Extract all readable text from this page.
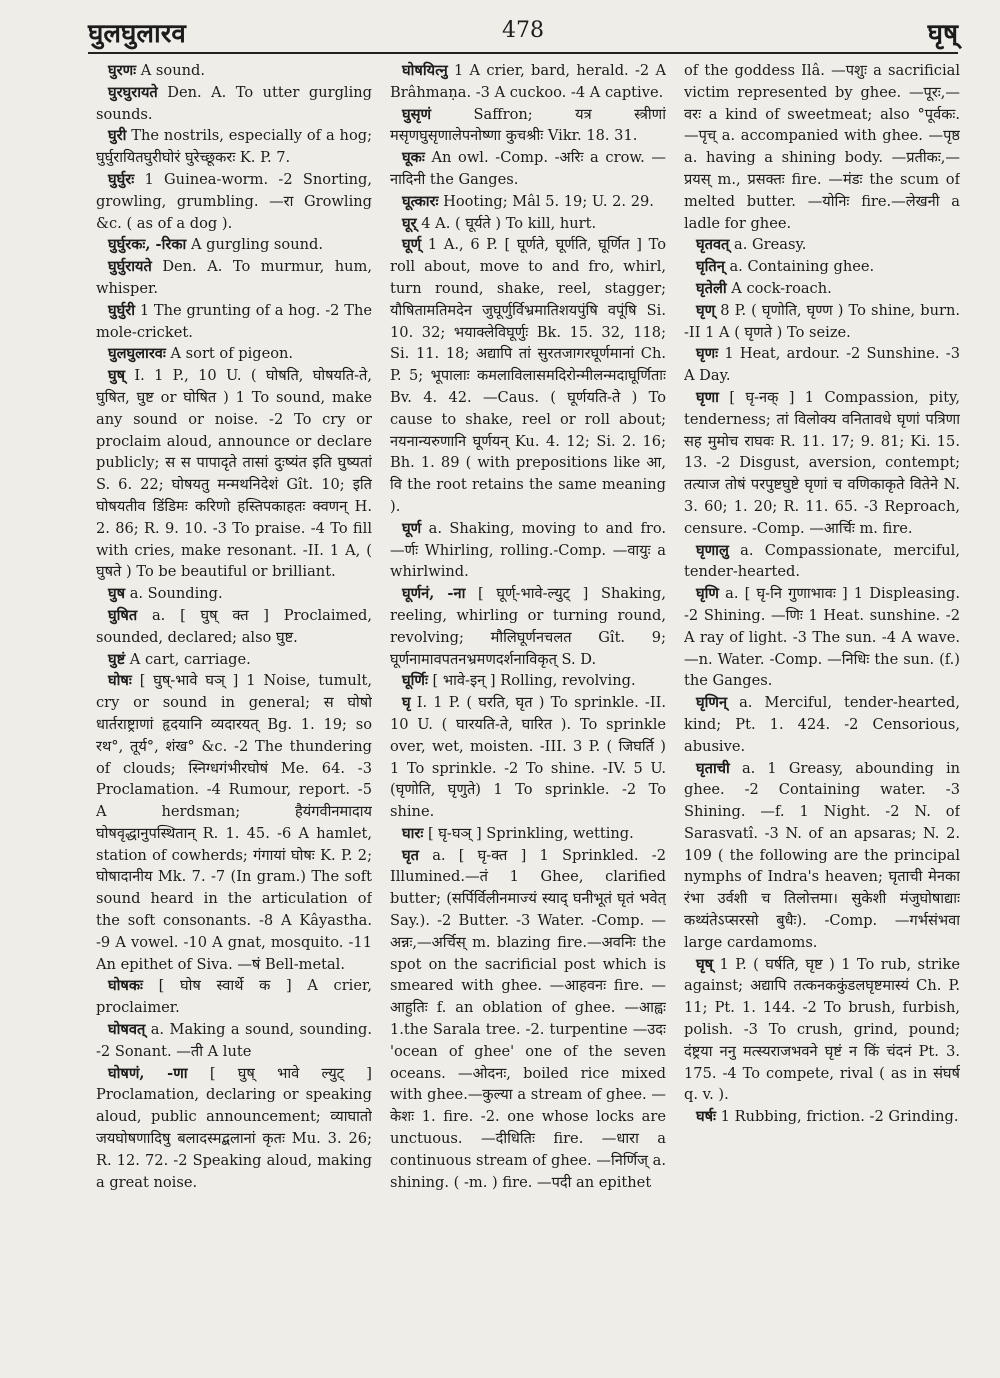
घुलघुलारव	478	घृष्

घुरणः A sound.

घुरघुरायते Den. A. To utter gurgling sounds.

घुरी The nostrils, especially of a hog; घुर्घुरायितघुरीघोरं घुरेच्छूकरः K. P. 7.

घुर्घुरः 1 Guinea-worm. -2 Snorting, growling, grumbling. —रा Growling &c. ( as of a dog ).

घुर्घुरकः, -रिका A gurgling sound.

घुर्घुरायते Den. A. To murmur, hum, whisper.

घुर्घुरी 1 The grunting of a hog. -2 The mole-cricket.

घुलघुलारवः A sort of pigeon.

घुष् I. 1 P., 10 U. ( घोषति, घोषयति-ते, घुषित, घुष्ट or घोषित ) 1 To sound, make any sound or noise. -2 To cry or proclaim aloud, announce or declare publicly; स स पापादृते तासां दुःष्यंत इति घुष्यतां S. 6. 22; घोषयतु मन्मथनिदेशं Gît. 10; इति घोषयतीव डिंडिमः करिणो हस्तिपकाहतः क्वणन् H. 2. 86; R. 9. 10. -3 To praise. -4 To fill with cries, make resonant. -II. 1 A, ( घुषते ) To be beautiful or brilliant.

घुष a. Sounding.

घुषित a. [ घुष् क्त ] Proclaimed, sounded, declared; also घुष्ट.

घुष्टं A cart, carriage.

घोषः [ घुष्-भावे घञ् ] 1 Noise, tumult, cry or sound in general; स घोषो धार्तराष्ट्राणां हृदयानि व्यदारयत् Bg. 1. 19; so रथ°, तूर्य°, शंख° &c. -2 The thundering of clouds; स्निग्धगंभीरघोषं Me. 64. -3 Proclamation. -4 Rumour, report. -5 A herdsman; हैयंगवीनमादाय घोषवृद्धानुपस्थितान् R. 1. 45. -6 A hamlet, station of cowherds; गंगायां घोषः K. P. 2; घोषादानीय Mk. 7. -7 (In gram.) The soft sound heard in the articulation of the soft consonants. -8 A Kâyastha. -9 A vowel. -10 A gnat, mosquito. -11 An epithet of Siva. —षं Bell-metal.

घोषकः [ घोष स्वार्थे क ] A crier, proclaimer.

घोषवत् a. Making a sound, sounding. -2 Sonant. —ती A lute

घोषणं, -णा [ घुष् भावे ल्युट् ] Proclamation, declaring or speaking aloud, public announcement; व्याघातो जयघोषणादिषु बलादस्मद्बलानां कृतः Mu. 3. 26; R. 12. 72. -2 Speaking aloud, making a great noise.

घोषयित्नु 1 A crier, bard, herald. -2 A Brâhmaṇa. -3 A cuckoo. -4 A captive.

घुसृणं	Saffron; यत्र स्त्रीणां मसृणघुसृणालेपनोष्णा कुचश्रीः Vikr. 18. 31.

घूकः An owl. -Comp. -अरिः a crow. —नादिनी the Ganges.

घूत्कारः Hooting; Mâl 5. 19; U. 2. 29.

घूर् 4 A. ( घूर्यते ) To kill, hurt.

घूर्ण् 1 A., 6 P. [ घूर्णते, घूर्णति, घूर्णित ] To roll about, move to and fro, whirl, turn round, shake, reel, stagger; यौषितामतिमदेन जुघूर्णुर्विभ्रमातिशयपुंषि वपूंषि Si. 10. 32; भयाक्लेविघूर्णुः Bk. 15. 32, 118; Si. 11. 18; अद्यापि तां सुरतजागरघूर्णमानां Ch. P. 5; भूपालाः कमलाविलासमदिरोन्मीलन्मदाघूर्णिताः Bv. 4. 42. —Caus. ( घूर्णयति-ते ) To cause to shake, reel or roll about; नयनान्यरुणानि घूर्णयन् Ku. 4. 12; Si. 2. 16; Bh. 1. 89 ( with prepositions like आ, वि the root retains the same meaning ).

घूर्ण a. Shaking, moving to and fro. —र्णः Whirling, rolling.-Comp. —वायुः a whirlwind.

घूर्णनं, -ना [ घूर्ण्-भावे-ल्युट् ] Shaking, reeling, whirling or turning round, revolving; मौलिघूर्णनचलत Gît. 9; घूर्णनामावपतनभ्रमणदर्शनाविकृत् S. D.

घूर्णिः [ भावे-इन् ] Rolling, revolving.

घृ I. 1 P. ( घरति, घृत ) To sprinkle. -II. 10 U. ( घारयति-ते, घारित ). To sprinkle over, wet, moisten. -III. 3 P. ( जिघर्ति ) 1 To sprinkle. -2 To shine. -IV. 5 U. (घृणोति, घृणुते) 1 To sprinkle. -2 To shine.

घारः [ घृ-घञ् ] Sprinkling, wetting.

घृत a. [ घृ-क्त ] 1 Sprinkled. -2 Illumined.—तं 1 Ghee, clarified butter; (सर्पिर्विलीनमाज्यं स्याद् घनीभूतं घृतं भवेत् Say.). -2 Butter. -3 Water. -Comp. —अन्नः,—अर्चिस् m. blazing fire.—अवनिः the spot on the sacrificial post which is smeared with ghee. —आहवनः fire. —आहुतिः f. an oblation of ghee. —आह्वः 1.the Sarala tree. -2. turpentine —उदः 'ocean of ghee' one of the seven oceans. —ओदनः, boiled rice mixed with ghee.—कुल्या a stream of ghee. —केशः 1. fire. -2. one whose locks are unctuous. —दीधितिः fire. —धारा a continuous stream of ghee. —निर्णिज् a. shining. ( -m. ) fire. —पदी an epithet

of the goddess Ilâ. —पशुः a sacrificial victim represented by ghee. —पूरः,—वरः a kind of sweetmeat; also °पूर्वकः. —पृच् a. accompanied with ghee. —पृष्ठ a. having a shining body. —प्रतीकः,—प्रयस् m., प्रसक्तः fire. —मंडः the scum of melted butter. —योनिः fire.—लेखनी a ladle for ghee.

घृतवत् a. Greasy.

घृतिन् a. Containing ghee.

घृतेली A cock-roach.

घृण् 8 P. ( घृणोति, घृण्ण ) To shine, burn. -II 1 A ( घृणते ) To seize.

घृणः 1 Heat, ardour. -2 Sunshine. -3 A Day.

घृणा [ घृ-नक् ] 1 Compassion, pity, tenderness; तां विलोक्य वनितावधे घृणां पत्रिणा सह मुमोच राघवः R. 11. 17; 9. 81; Ki. 15. 13. -2 Disgust, aversion, contempt; तत्याज तोषं परपुष्टघुष्टे घृणां च वणिकाकृते वितेने N. 3. 60; 1. 20; R. 11. 65. -3 Reproach, censure. -Comp. —आर्चिः m. fire.

घृणालु a. Compassionate, merciful, tender-hearted.

घृणि a. [ घृ-नि गुणाभावः ] 1 Displeasing. -2 Shining. —णिः 1 Heat. sunshine. -2 A ray of light. -3 The sun. -4 A wave. —n. Water. -Comp. —निधिः the sun. (f.) the Ganges.

घृणिन् a. Merciful, tender-hearted, kind; Pt. 1. 424. -2 Censorious, abusive.

घृताची a. 1 Greasy, abounding in ghee. -2 Containing water. -3 Shining. —f. 1 Night. -2 N. of Sarasvatî. -3 N. of an apsaras; N. 2. 109 ( the following are the principal nymphs of Indra's heaven; घृताची मेनका रंभा उर्वशी च तिलोत्तमा। सुकेशी मंजुघोषाद्याः कथ्यंतेऽप्सरसो बुधैः). -Comp. —गर्भसंभवा large cardamoms.

घृष् 1 P. ( घर्षति, घृष्ट ) 1 To rub, strike against; अद्यापि तत्कनककुंडलघृष्टमास्यं Ch. P. 11; Pt. 1. 144. -2 To brush, furbish, polish. -3 To crush, grind, pound; दंष्ट्रया ननु मत्स्यराजभवने घृष्टं न किं चंदनं Pt. 3. 175. -4 To compete, rival ( as in संघर्ष q. v. ).

घर्षः 1 Rubbing, friction. -2 Grinding.
